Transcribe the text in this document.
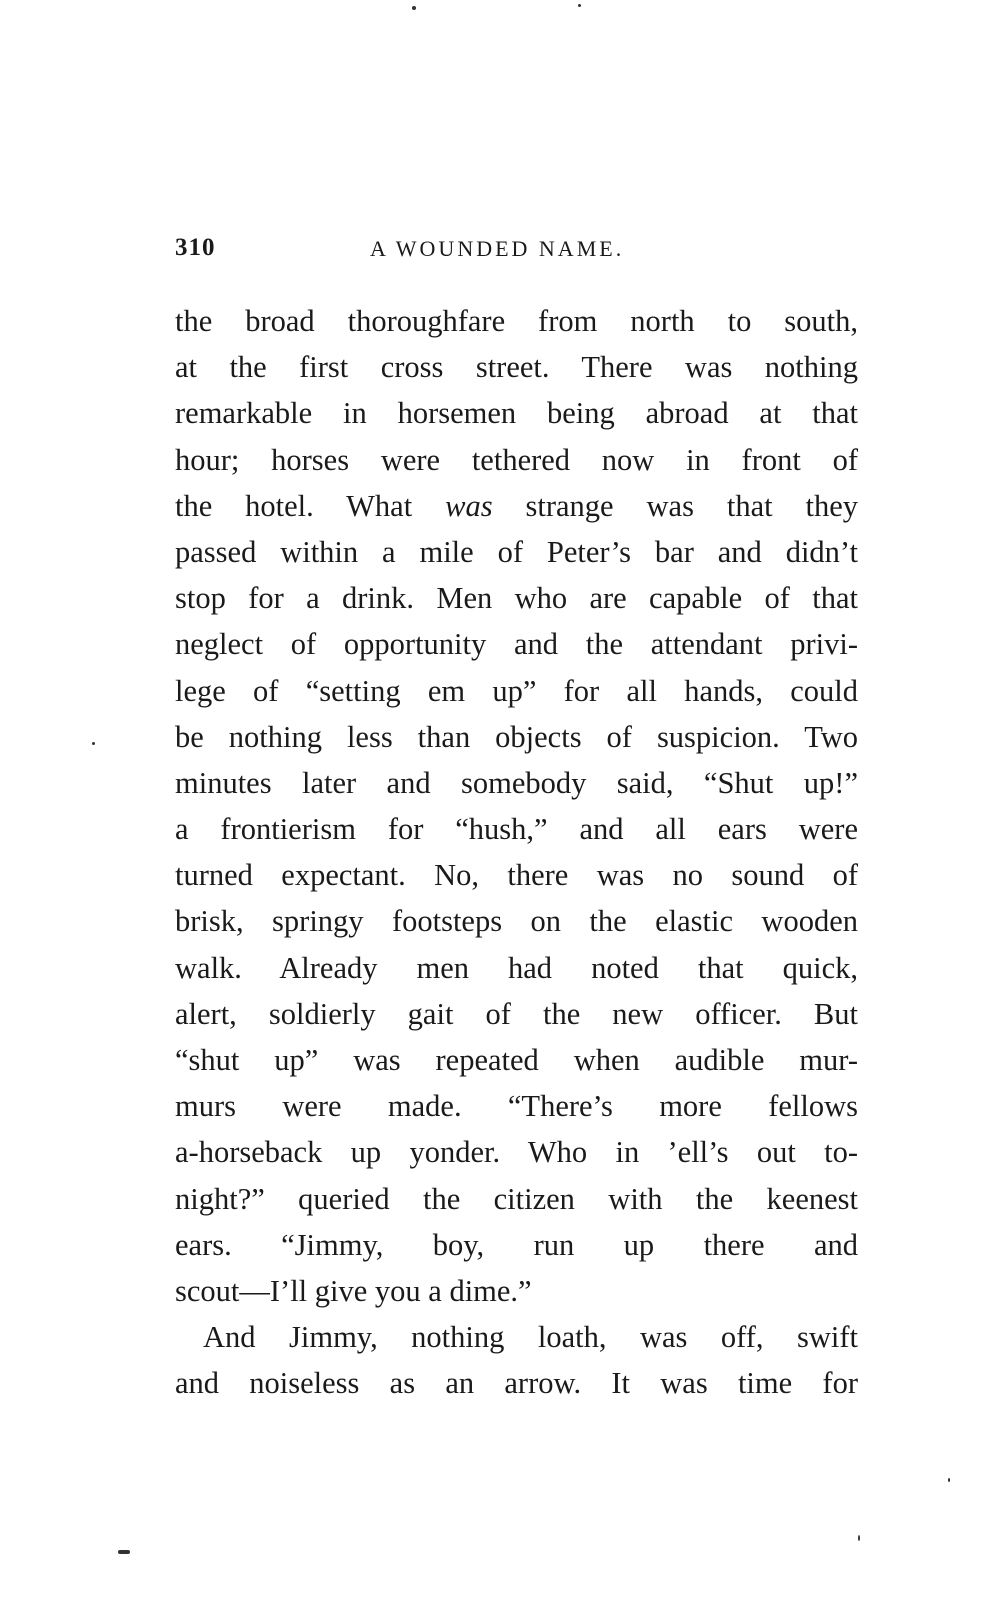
310	A WOUNDED NAME.
the broad thoroughfare from north to south,
at the first cross street. There was nothing
remarkable in horsemen being abroad at that
hour; horses were tethered now in front of
the hotel. What was strange was that they
passed within a mile of Peter’s bar and didn’t
stop for a drink. Men who are capable of that
neglect of opportunity and the attendant privi-
lege of “setting em up” for all hands, could
be nothing less than objects of suspicion. Two
minutes later and somebody said, “Shut up!”
a frontierism for “hush,” and all ears were
turned expectant. No, there was no sound of
brisk, springy footsteps on the elastic wooden
walk. Already men had noted that quick,
alert, soldierly gait of the new officer. But
“shut up” was repeated when audible mur-
murs were made. “There’s more fellows
a-horseback up yonder. Who in ’ell’s out to-
night?” queried the citizen with the keenest
ears. “Jimmy, boy, run up there and
scout—I’ll give you a dime.”
And Jimmy, nothing loath, was off, swift
and noiseless as an arrow. It was time for
